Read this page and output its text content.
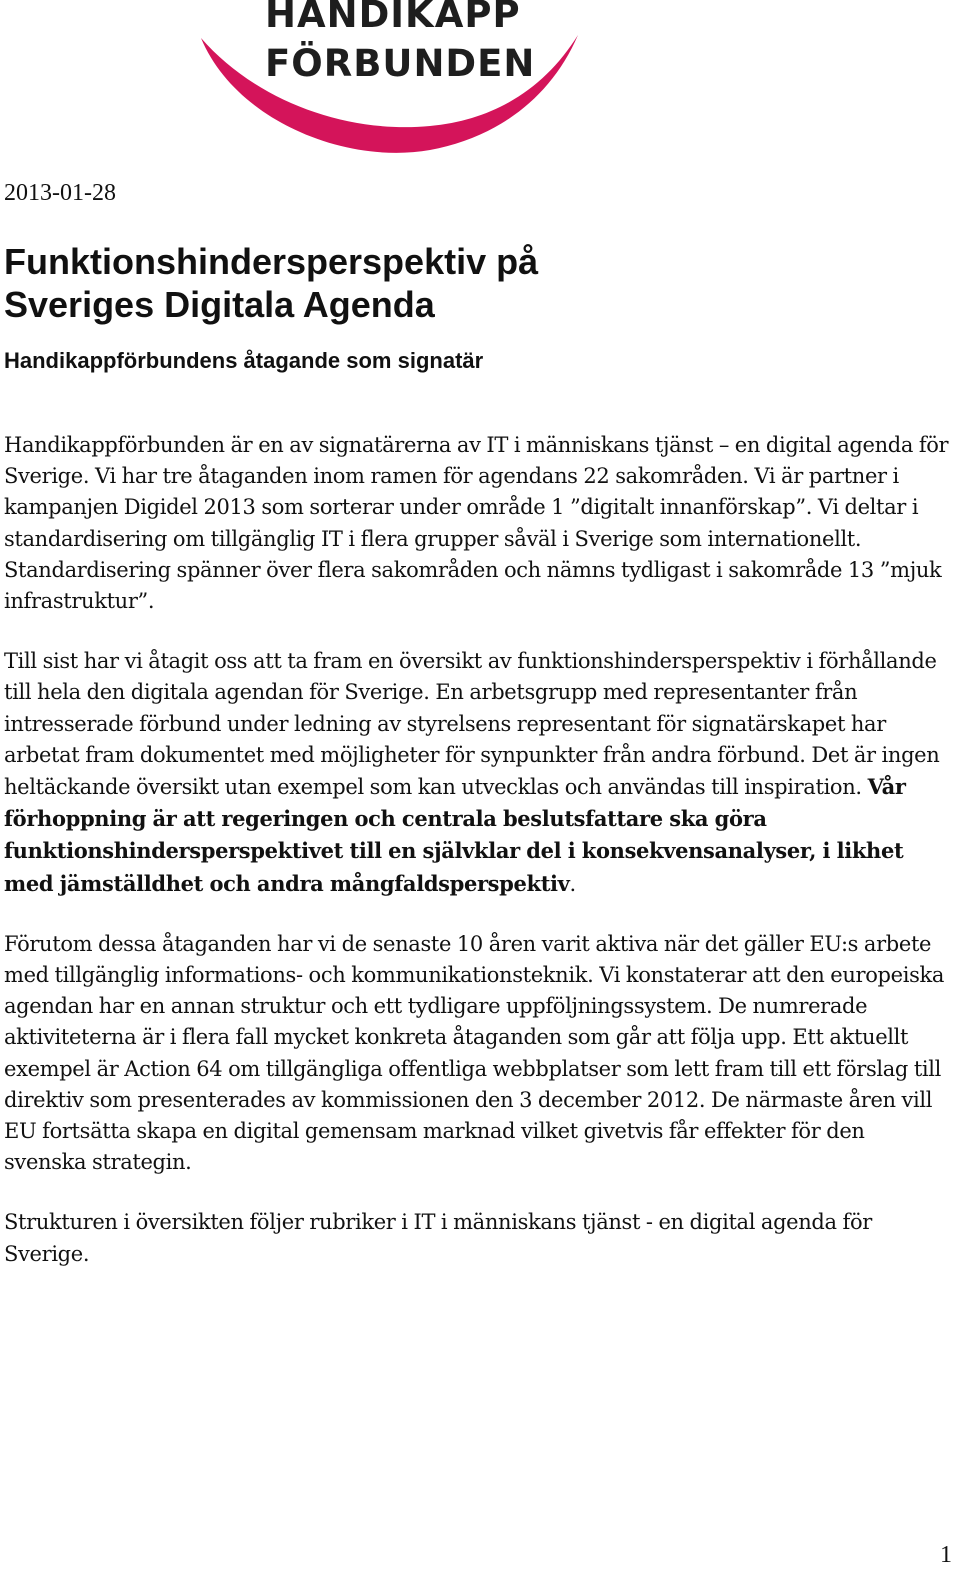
HANDIKAPP
FÖRBUNDEN
2013-01-28
Funktionshindersperspektiv på
Sveriges Digitala Agenda
Handikappförbundens åtagande som signatär

Handikappförbunden är en av signatärerna av IT i människans tjänst – en digital agenda för Sverige. Vi har tre åtaganden inom ramen för agendans 22 sakområden. Vi är partner i kampanjen Digidel 2013 som sorterar under område 1 ”digitalt innanförskap”. Vi deltar i standardisering om tillgänglig IT i flera grupper såväl i Sverige som internationellt. Standardisering spänner över flera sakområden och nämns tydligast i sakområde 13 ”mjuk infrastruktur”.

Till sist har vi åtagit oss att ta fram en översikt av funktionshindersperspektiv i förhållande till hela den digitala agendan för Sverige. En arbetsgrupp med representanter från intresserade förbund under ledning av styrelsens representant för signatärskapet har arbetat fram dokumentet med möjligheter för synpunkter från andra förbund. Det är ingen heltäckande översikt utan exempel som kan utvecklas och användas till inspiration. Vår förhoppning är att regeringen och centrala beslutsfattare ska göra funktionshindersperspektivet till en självklar del i konsekvensanalyser, i likhet med jämställdhet och andra mångfaldsperspektiv.

Förutom dessa åtaganden har vi de senaste 10 åren varit aktiva när det gäller EU:s arbete med tillgänglig informations- och kommunikationsteknik. Vi konstaterar att den europeiska agendan har en annan struktur och ett tydligare uppföljningssystem. De numrerade aktiviteterna är i flera fall mycket konkreta åtaganden som går att följa upp. Ett aktuellt exempel är Action 64 om tillgängliga offentliga webbplatser som lett fram till ett förslag till direktiv som presenterades av kommissionen den 3 december 2012. De närmaste åren vill EU fortsätta skapa en digital gemensam marknad vilket givetvis får effekter för den svenska strategin.

Strukturen i översikten följer rubriker i IT i människans tjänst - en digital agenda för Sverige.

1
